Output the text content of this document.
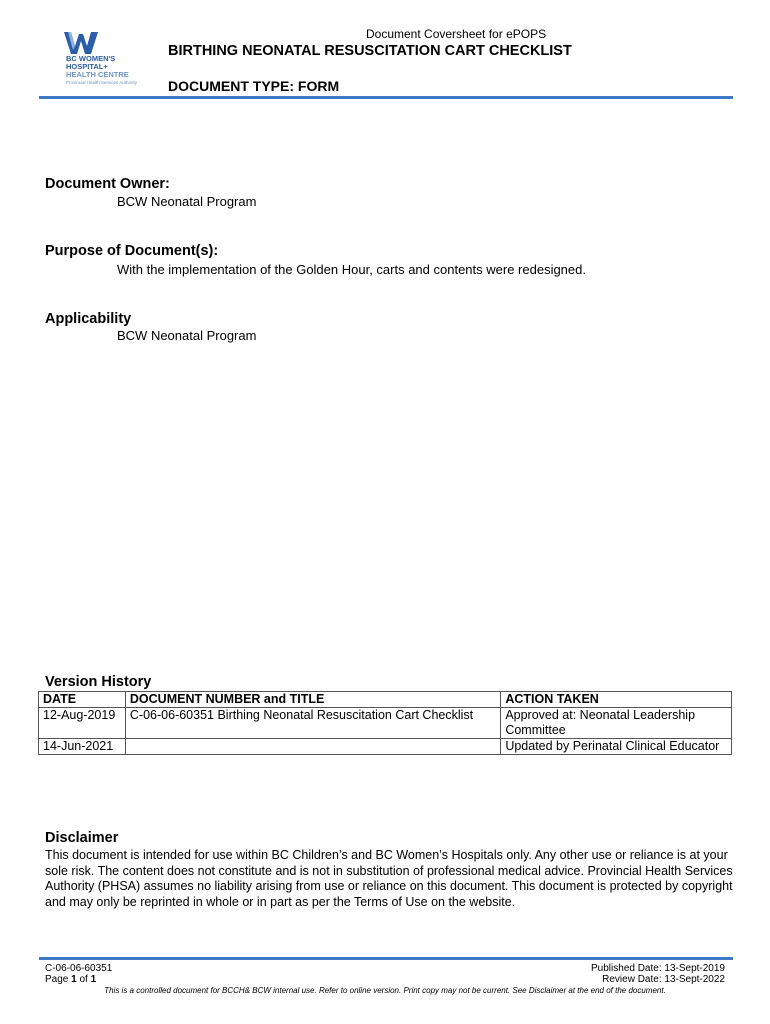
BC WOMEN'S
HOSPITAL+
HEALTH CENTRE
Provincial Health Services Authority
Document Coversheet for ePOPS
BIRTHING NEONATAL RESUSCITATION CART CHECKLIST
DOCUMENT TYPE: FORM
Document Owner:
BCW Neonatal Program
Purpose of Document(s):
With the implementation of the Golden Hour, carts and contents were redesigned.
Applicability
BCW Neonatal Program
Version History
DATE	DOCUMENT NUMBER and TITLE	ACTION TAKEN
12-Aug-2019	C-06-06-60351 Birthing Neonatal Resuscitation Cart Checklist	Approved at: Neonatal Leadership Committee
14-Jun-2021		Updated by Perinatal Clinical Educator
Disclaimer
This document is intended for use within BC Children’s and BC Women’s Hospitals only. Any other use or reliance is at your sole risk. The content does not constitute and is not in substitution of professional medical advice. Provincial Health Services Authority (PHSA) assumes no liability arising from use or reliance on this document. This document is protected by copyright and may only be reprinted in whole or in part as per the Terms of Use on the website.
C-06-06-60351
Page 1 of 1
Published Date: 13-Sept-2019
Review Date: 13-Sept-2022
This is a controlled document for BCCH& BCW internal use. Refer to online version. Print copy may not be current. See Disclaimer at the end of the document.
